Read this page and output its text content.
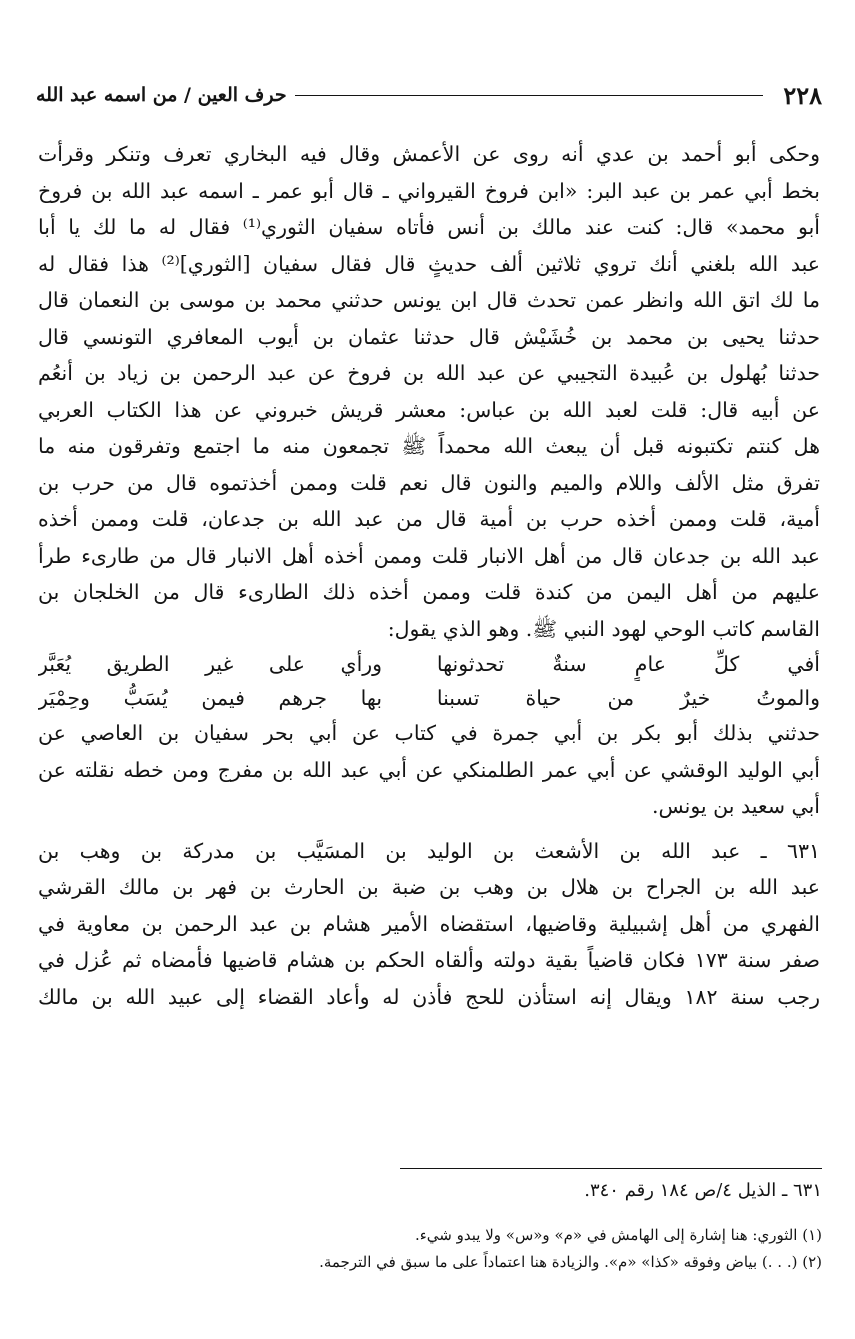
٢٢٨
حرف العين / من اسمه عبد الله
وحكى أبو أحمد بن عدي أنه روى عن الأعمش وقال فيه البخاري تعرف وتنكر وقرأت
بخط أبي عمر بن عبد البر: «ابن فروخ القيرواني ـ قال أبو عمر ـ اسمه عبد الله بن فروخ
أبو محمد» قال: كنت عند مالك بن أنس فأتاه سفيان الثوري⁽¹⁾ فقال له ما لك يا أبا
عبد الله بلغني أنك تروي ثلاثين ألف حديثٍ قال فقال سفيان [الثوري]⁽²⁾ هذا فقال له
ما لك اتق الله وانظر عمن تحدث قال ابن يونس حدثني محمد بن موسى بن النعمان قال
حدثنا يحيى بن محمد بن خُشَيْش قال حدثنا عثمان بن أيوب المعافري التونسي قال
حدثنا بُهلول بن عُبيدة التجيبي عن عبد الله بن فروخ عن عبد الرحمن بن زياد بن أنعُم
عن أبيه قال: قلت لعبد الله بن عباس: معشر قريش خبروني عن هذا الكتاب العربي
هل كنتم تكتبونه قبل أن يبعث الله محمداً ﷺ تجمعون منه ما اجتمع وتفرقون منه ما
تفرق مثل الألف واللام والميم والنون قال نعم قلت وممن أخذتموه قال من حرب بن
أمية، قلت وممن أخذه حرب بن أمية قال من عبد الله بن جدعان، قلت وممن أخذه
عبد الله بن جدعان قال من أهل الانبار قلت وممن أخذه أهل الانبار قال من طارىء طرأ
عليهم من أهل اليمن من كندة قلت وممن أخذه ذلك الطارىء قال من الخلجان بن
القاسم كاتب الوحي لهود النبي ﷺ. وهو الذي يقول:
أفي كلِّ عامٍ سنةٌ تحدثونها
ورأي على غير الطريق يُعَبَّر
والموتُ خيرٌ من حياة تسبنا
بها جرهم فيمن يُسَبُّ وحِمْيَر
حدثني بذلك أبو بكر بن أبي جمرة في كتاب عن أبي بحر سفيان بن العاصي عن
أبي الوليد الوقشي عن أبي عمر الطلمنكي عن أبي عبد الله بن مفرج ومن خطه نقلته عن
أبي سعيد بن يونس.
٦٣١ ـ عبد الله بن الأشعث بن الوليد بن المسَيَّب بن مدركة بن وهب بن
عبد الله بن الجراح بن هلال بن وهب بن ضبة بن الحارث بن فهر بن مالك القرشي
الفهري من أهل إشبيلية وقاضيها، استقضاه الأمير هشام بن عبد الرحمن بن معاوية في
صفر سنة ١٧٣ فكان قاضياً بقية دولته وألقاه الحكم بن هشام قاضيها فأمضاه ثم عُزل في
رجب سنة ١٨٢ ويقال إنه استأذن للحج فأذن له وأعاد القضاء إلى عبيد الله بن مالك
٦٣١ ـ الذيل ٤/ص ١٨٤ رقم ٣٤٠.
(١) الثوري: هنا إشارة إلى الهامش في «م» و«س» ولا يبدو شيء.
(٢) (. . .) بياض وفوقه «كذا» «م». والزيادة هنا اعتماداً على ما سبق في الترجمة.
